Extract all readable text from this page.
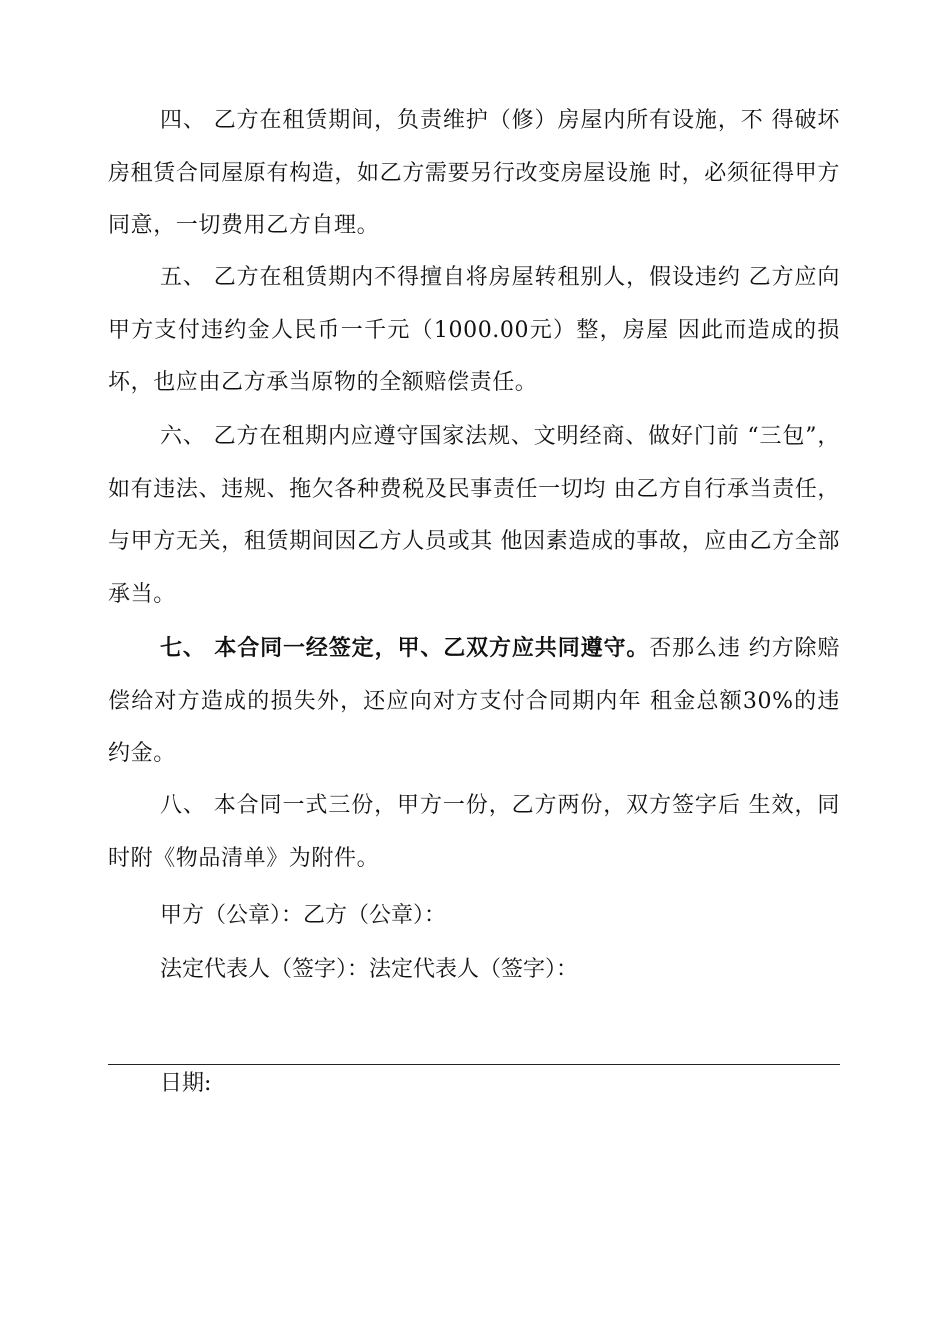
四、 乙方在租赁期间，负责维护（修）房屋内所有设施，不 得破坏房租赁合同屋原有构造，如乙方需要另行改变房屋设施 时，必须征得甲方同意，一切费用乙方自理。

五、 乙方在租赁期内不得擅自将房屋转租别人，假设违约 乙方应向甲方支付违约金人民币一千元（1000.00元）整，房屋 因此而造成的损坏，也应由乙方承当原物的全额赔偿责任。

六、 乙方在租期内应遵守国家法规、文明经商、做好门前 “三包”，如有违法、违规、拖欠各种费税及民事责任一切均 由乙方自行承当责任，与甲方无关，租赁期间因乙方人员或其 他因素造成的事故，应由乙方全部承当。

七、 本合同一经签定，甲、乙双方应共同遵守。否那么违 约方除赔偿给对方造成的损失外，还应向对方支付合同期内年 租金总额30%的违约金。

八、 本合同一式三份，甲方一份，乙方两份，双方签字后 生效，同时附《物品清单》为附件。

甲方（公章）：乙方（公章）：

法定代表人（签字）：法定代表人（签字）：

日期:
